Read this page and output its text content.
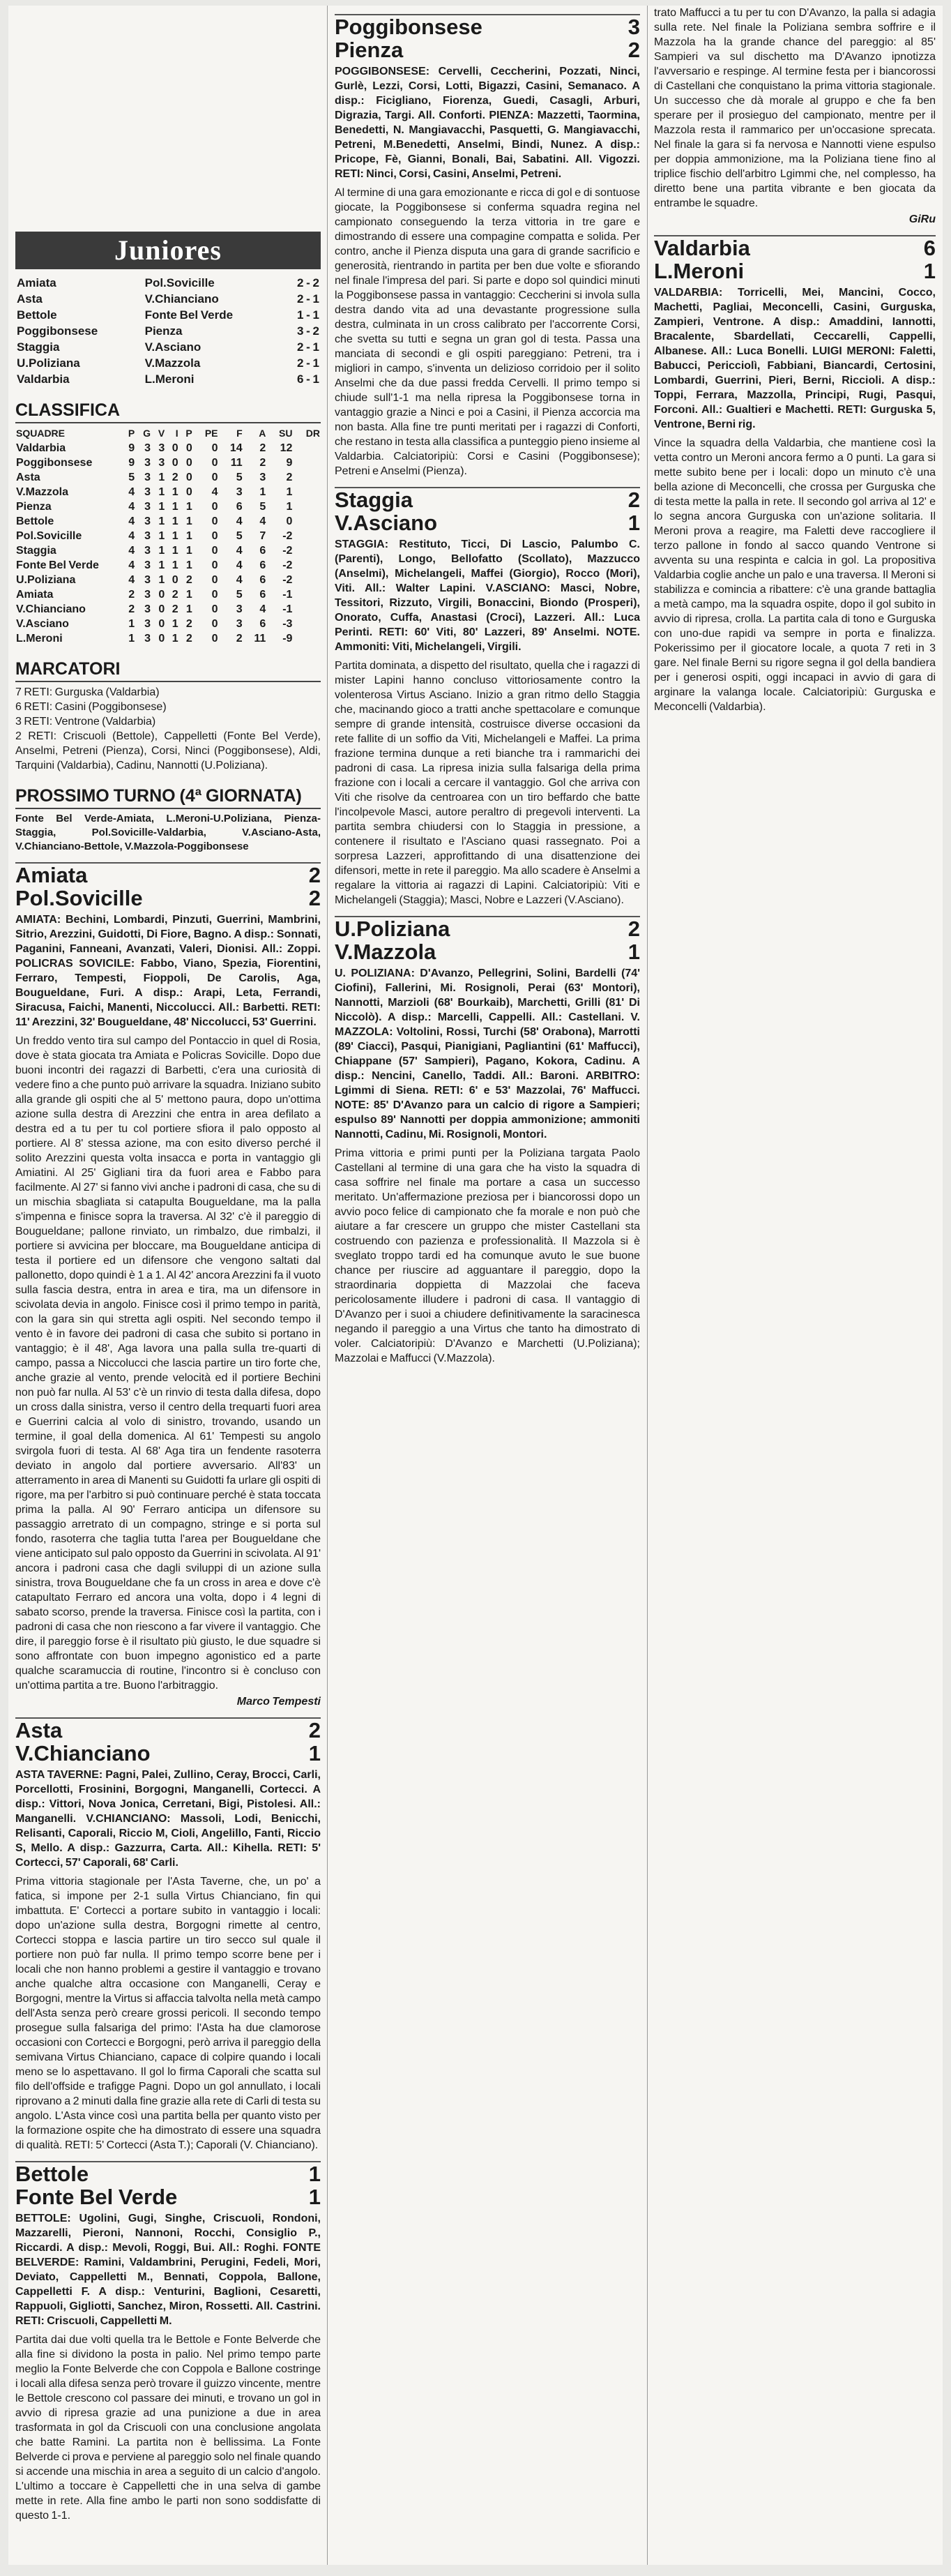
Juniores
Amiata	Pol.Sovicille	2 - 2
Asta	V.Chianciano	2 - 1
Bettole	Fonte Bel Verde	1 - 1
Poggibonsese	Pienza	3 - 2
Staggia	V.Asciano	2 - 1
U.Poliziana	V.Mazzola	2 - 1
Valdarbia	L.Meroni	6 - 1
CLASSIFICA
SQUADRE	P	G	V	I	P	PE	F	A	SU	DR
Valdarbia	9	3	3	0	0	0	14	2	12	
Poggibonsese	9	3	3	0	0	0	11	2	9	
Asta	5	3	1	2	0	0	5	3	2	
V.Mazzola	4	3	1	1	0	4	3	1	1	
Pienza	4	3	1	1	1	0	6	5	1	
Bettole	4	3	1	1	1	0	4	4	0	
Pol.Sovicille	4	3	1	1	1	0	5	7	-2	
Staggia	4	3	1	1	1	0	4	6	-2	
Fonte Bel Verde	4	3	1	1	1	0	4	6	-2	
U.Poliziana	4	3	1	0	2	0	4	6	-2	
Amiata	2	3	0	2	1	0	5	6	-1	
V.Chianciano	2	3	0	2	1	0	3	4	-1	
V.Asciano	1	3	0	1	2	0	3	6	-3	
L.Meroni	1	3	0	1	2	0	2	11	-9	
MARCATORI

7 RETI: Gurguska (Valdarbia)

6 RETI: Casini (Poggibonsese)

3 RETI: Ventrone (Valdarbia)

2 RETI: Criscuoli (Bettole), Cappelletti (Fonte Bel Verde), Anselmi, Petreni (Pienza), Corsi, Ninci (Poggibonsese), Aldi, Tarquini (Valdarbia), Cadinu, Nannotti (U.Poliziana).

PROSSIMO TURNO (4ª GIORNATA)
Fonte Bel Verde-Amiata, L.Meroni-U.Poliziana, Pienza-Staggia, Pol.Sovicille-Valdarbia, V.Asciano-Asta, V.Chianciano-Bettole, V.Mazzola-Poggibonsese
Amiata	2
Pol.Sovicille	2

AMIATA: Bechini, Lombardi, Pinzuti, Guerrini, Mambrini, Sitrio, Arezzini, Guidotti, Di Fiore, Bagno. A disp.: Sonnati, Paganini, Fanneani, Avanzati, Valeri, Dionisi. All.: Zoppi. POLICRAS SOVICILE: Fabbo, Viano, Spezia, Fiorentini, Ferraro, Tempesti, Fioppoli, De Carolis, Aga, Bougueldane, Furi. A disp.: Arapi, Leta, Ferrandi, Siracusa, Faichi, Manenti, Niccolucci. All.: Barbetti. RETI: 11' Arezzini, 32' Bougueldane, 48' Niccolucci, 53' Guerrini.

Un freddo vento tira sul campo del Pontaccio in quel di Rosia, dove è stata giocata tra Amiata e Policras Sovicille. Dopo due buoni incontri dei ragazzi di Barbetti, c'era una curiosità di vedere fino a che punto può arrivare la squadra. Iniziano subito alla grande gli ospiti che al 5' mettono paura, dopo un'ottima azione sulla destra di Arezzini che entra in area defilato a destra ed a tu per tu col portiere sfiora il palo opposto al portiere. Al 8' stessa azione, ma con esito diverso perché il solito Arezzini questa volta insacca e porta in vantaggio gli Amiatini. Al 25' Gigliani tira da fuori area e Fabbo para facilmente. Al 27' si fanno vivi anche i padroni di casa, che su di un mischia sbagliata si catapulta Bougueldane, ma la palla s'impenna e finisce sopra la traversa. Al 32' c'è il pareggio di Bougueldane; pallone rinviato, un rimbalzo, due rimbalzi, il portiere si avvicina per bloccare, ma Bougueldane anticipa di testa il portiere ed un difensore che vengono saltati dal pallonetto, dopo quindi è 1 a 1. Al 42' ancora Arezzini fa il vuoto sulla fascia destra, entra in area e tira, ma un difensore in scivolata devia in angolo. Finisce così il primo tempo in parità, con la gara sin qui stretta agli ospiti. Nel secondo tempo il vento è in favore dei padroni di casa che subito si portano in vantaggio; è il 48', Aga lavora una palla sulla tre-quarti di campo, passa a Niccolucci che lascia partire un tiro forte che, anche grazie al vento, prende velocità ed il portiere Bechini non può far nulla. Al 53' c'è un rinvio di testa dalla difesa, dopo un cross dalla sinistra, verso il centro della trequarti fuori area e Guerrini calcia al volo di sinistro, trovando, usando un termine, il goal della domenica. Al 61' Tempesti su angolo svirgola fuori di testa. Al 68' Aga tira un fendente rasoterra deviato in angolo dal portiere avversario. All'83' un atterramento in area di Manenti su Guidotti fa urlare gli ospiti di rigore, ma per l'arbitro si può continuare perché è stata toccata prima la palla. Al 90' Ferraro anticipa un difensore su passaggio arretrato di un compagno, stringe e si porta sul fondo, rasoterra che taglia tutta l'area per Bougueldane che viene anticipato sul palo opposto da Guerrini in scivolata. Al 91' ancora i padroni casa che dagli sviluppi di un azione sulla sinistra, trova Bougueldane che fa un cross in area e dove c'è catapultato Ferraro ed ancora una volta, dopo i 4 legni di sabato scorso, prende la traversa. Finisce così la partita, con i padroni di casa che non riescono a far vivere il vantaggio. Che dire, il pareggio forse è il risultato più giusto, le due squadre si sono affrontate con buon impegno agonistico ed a parte qualche scaramuccia di routine, l'incontro si è concluso con un'ottima partita a tre. Buono l'arbitraggio.

Marco Tempesti
Asta	2
V.Chianciano	1

ASTA TAVERNE: Pagni, Palei, Zullino, Ceray, Brocci, Carli, Porcellotti, Frosinini, Borgogni, Manganelli, Cortecci. A disp.: Vittori, Nova Jonica, Cerretani, Bigi, Pistolesi. All.: Manganelli. V.CHIANCIANO: Massoli, Lodi, Benicchi, Relisanti, Caporali, Riccio M, Cioli, Angelillo, Fanti, Riccio S, Mello. A disp.: Gazzurra, Carta. All.: Kihella. RETI: 5' Cortecci, 57' Caporali, 68' Carli.

Prima vittoria stagionale per l'Asta Taverne, che, un po' a fatica, si impone per 2-1 sulla Virtus Chianciano, fin qui imbattuta. E' Cortecci a portare subito in vantaggio i locali: dopo un'azione sulla destra, Borgogni rimette al centro, Cortecci stoppa e lascia partire un tiro secco sul quale il portiere non può far nulla. Il primo tempo scorre bene per i locali che non hanno problemi a gestire il vantaggio e trovano anche qualche altra occasione con Manganelli, Ceray e Borgogni, mentre la Virtus si affaccia talvolta nella metà campo dell'Asta senza però creare grossi pericoli. Il secondo tempo prosegue sulla falsariga del primo: l'Asta ha due clamorose occasioni con Cortecci e Borgogni, però arriva il pareggio della semivana Virtus Chianciano, capace di colpire quando i locali meno se lo aspettavano. Il gol lo firma Caporali che scatta sul filo dell'offside e trafigge Pagni. Dopo un gol annullato, i locali riprovano a 2 minuti dalla fine grazie alla rete di Carli di testa su angolo. L'Asta vince così una partita bella per quanto visto per la formazione ospite che ha dimostrato di essere una squadra di qualità. RETI: 5' Cortecci (Asta T.); Caporali (V. Chianciano).

Bettole	1
Fonte Bel Verde	1

BETTOLE: Ugolini, Gugi, Singhe, Criscuoli, Rondoni, Mazzarelli, Pieroni, Nannoni, Rocchi, Consiglio P., Riccardi. A disp.: Mevoli, Roggi, Bui. All.: Roghi. FONTE BELVERDE: Ramini, Valdambrini, Perugini, Fedeli, Mori, Deviato, Cappelletti M., Bennati, Coppola, Ballone, Cappelletti F. A disp.: Venturini, Baglioni, Cesaretti, Rappuoli, Gigliotti, Sanchez, Miron, Rossetti. All. Castrini. RETI: Criscuoli, Cappelletti M.

Partita dai due volti quella tra le Bettole e Fonte Belverde che alla fine si dividono la posta in palio. Nel primo tempo parte meglio la Fonte Belverde che con Coppola e Ballone costringe i locali alla difesa senza però trovare il guizzo vincente, mentre le Bettole crescono col passare dei minuti, e trovano un gol in avvio di ripresa grazie ad una punizione a due in area trasformata in gol da Criscuoli con una conclusione angolata che batte Ramini. La partita non è bellissima. La Fonte Belverde ci prova e perviene al pareggio solo nel finale quando si accende una mischia in area a seguito di un calcio d'angolo. L'ultimo a toccare è Cappelletti che in una selva di gambe mette in rete. Alla fine ambo le parti non sono soddisfatte di questo 1-1.

Poggibonsese	3
Pienza	2

POGGIBONSESE: Cervelli, Ceccherini, Pozzati, Ninci, Gurlè, Lezzi, Corsi, Lotti, Bigazzi, Casini, Semanaco. A disp.: Ficigliano, Fiorenza, Guedi, Casagli, Arburi, Digrazia, Targi. All. Conforti. PIENZA: Mazzetti, Taormina, Benedetti, N. Mangiavacchi, Pasquetti, G. Mangiavacchi, Petreni, M.Benedetti, Anselmi, Bindi, Nunez. A disp.: Pricope, Fè, Gianni, Bonali, Bai, Sabatini. All. Vigozzi. RETI: Ninci, Corsi, Casini, Anselmi, Petreni.

Al termine di una gara emozionante e ricca di gol e di sontuose giocate, la Poggibonsese si conferma squadra regina nel campionato conseguendo la terza vittoria in tre gare e dimostrando di essere una compagine compatta e solida. Per contro, anche il Pienza disputa una gara di grande sacrificio e generosità, rientrando in partita per ben due volte e sfiorando nel finale l'impresa del pari. Si parte e dopo sol quindici minuti la Poggibonsese passa in vantaggio: Ceccherini si invola sulla destra dando vita ad una devastante progressione sulla destra, culminata in un cross calibrato per l'accorrente Corsi, che svetta su tutti e segna un gran gol di testa. Passa una manciata di secondi e gli ospiti pareggiano: Petreni, tra i migliori in campo, s'inventa un delizioso corridoio per il solito Anselmi che da due passi fredda Cervelli. Il primo tempo si chiude sull'1-1 ma nella ripresa la Poggibonsese torna in vantaggio grazie a Ninci e poi a Casini, il Pienza accorcia ma non basta. Alla fine tre punti meritati per i ragazzi di Conforti, che restano in testa alla classifica a punteggio pieno insieme al Valdarbia. Calciatoripiù: Corsi e Casini (Poggibonsese); Petreni e Anselmi (Pienza).

Staggia	2
V.Asciano	1

STAGGIA: Restituto, Ticci, Di Lascio, Palumbo C. (Parenti), Longo, Bellofatto (Scollato), Mazzucco (Anselmi), Michelangeli, Maffei (Giorgio), Rocco (Mori), Viti. All.: Walter Lapini. V.ASCIANO: Masci, Nobre, Tessitori, Rizzuto, Virgili, Bonaccini, Biondo (Prosperi), Onorato, Cuffa, Anastasi (Croci), Lazzeri. All.: Luca Perinti. RETI: 60' Viti, 80' Lazzeri, 89' Anselmi. NOTE. Ammoniti: Viti, Michelangeli, Virgili.

Partita dominata, a dispetto del risultato, quella che i ragazzi di mister Lapini hanno concluso vittoriosamente contro la volenterosa Virtus Asciano. Inizio a gran ritmo dello Staggia che, macinando gioco a tratti anche spettacolare e comunque sempre di grande intensità, costruisce diverse occasioni da rete fallite di un soffio da Viti, Michelangeli e Maffei. La prima frazione termina dunque a reti bianche tra i rammarichi dei padroni di casa. La ripresa inizia sulla falsariga della prima frazione con i locali a cercare il vantaggio. Gol che arriva con Viti che risolve da centroarea con un tiro beffardo che batte l'incolpevole Masci, autore peraltro di pregevoli interventi. La partita sembra chiudersi con lo Staggia in pressione, a contenere il risultato e l'Asciano quasi rassegnato. Poi a sorpresa Lazzeri, approfittando di una disattenzione dei difensori, mette in rete il pareggio. Ma allo scadere è Anselmi a regalare la vittoria ai ragazzi di Lapini. Calciatoripiù: Viti e Michelangeli (Staggia); Masci, Nobre e Lazzeri (V.Asciano).

U.Poliziana	2
V.Mazzola	1

U. POLIZIANA: D'Avanzo, Pellegrini, Solini, Bardelli (74' Ciofini), Fallerini, Mi. Rosignoli, Perai (63' Montori), Nannotti, Marzioli (68' Bourkaib), Marchetti, Grilli (81' Di Niccolò). A disp.: Marcelli, Cappelli. All.: Castellani. V. MAZZOLA: Voltolini, Rossi, Turchi (58' Orabona), Marrotti (89' Ciacci), Pasqui, Pianigiani, Pagliantini (61' Maffucci), Chiappane (57' Sampieri), Pagano, Kokora, Cadinu. A disp.: Nencini, Canello, Taddi. All.: Baroni. ARBITRO: Lgimmi di Siena. RETI: 6' e 53' Mazzolai, 76' Maffucci. NOTE: 85' D'Avanzo para un calcio di rigore a Sampieri; espulso 89' Nannotti per doppia ammonizione; ammoniti Nannotti, Cadinu, Mi. Rosignoli, Montori.

Prima vittoria e primi punti per la Poliziana targata Paolo Castellani al termine di una gara che ha visto la squadra di casa soffrire nel finale ma portare a casa un successo meritato. Un'affermazione preziosa per i biancorossi dopo un avvio poco felice di campionato che fa morale e non può che aiutare a far crescere un gruppo che mister Castellani sta costruendo con pazienza e professionalità. Il Mazzola si è sveglato troppo tardi ed ha comunque avuto le sue buone chance per riuscire ad agguantare il pareggio, dopo la straordinaria doppietta di Mazzolai che faceva pericolosamente illudere i padroni di casa. Il vantaggio di D'Avanzo per i suoi a chiudere definitivamente la saracinesca negando il pareggio a una Virtus che tanto ha dimostrato di voler. Calciatoripiù: D'Avanzo e Marchetti (U.Poliziana); Mazzolai e Maffucci (V.Mazzola).

trato Maffucci a tu per tu con D'Avanzo, la palla si adagia sulla rete. Nel finale la Poliziana sembra soffrire e il Mazzola ha la grande chance del pareggio: al 85' Sampieri va sul dischetto ma D'Avanzo ipnotizza l'avversario e respinge. Al termine festa per i biancorossi di Castellani che conquistano la prima vittoria stagionale. Un successo che dà morale al gruppo e che fa ben sperare per il prosieguo del campionato, mentre per il Mazzola resta il rammarico per un'occasione sprecata. Nel finale la gara si fa nervosa e Nannotti viene espulso per doppia ammonizione, ma la Poliziana tiene fino al triplice fischio dell'arbitro Lgimmi che, nel complesso, ha diretto bene una partita vibrante e ben giocata da entrambe le squadre.

GiRu
Valdarbia	6
L.Meroni	1

VALDARBIA: Torricelli, Mei, Mancini, Cocco, Machetti, Pagliai, Meconcelli, Casini, Gurguska, Zampieri, Ventrone. A disp.: Amaddini, Iannotti, Bracalente, Sbardellati, Ceccarelli, Cappelli, Albanese. All.: Luca Bonelli. LUIGI MERONI: Faletti, Babucci, Pericciolì, Fabbiani, Biancardi, Certosini, Lombardi, Guerrini, Pieri, Berni, Riccioli. A disp.: Toppi, Ferrara, Mazzolla, Principi, Rugi, Pasqui, Forconi. All.: Gualtieri e Machetti. RETI: Gurguska 5, Ventrone, Berni rig.

Vince la squadra della Valdarbia, che mantiene così la vetta contro un Meroni ancora fermo a 0 punti. La gara si mette subito bene per i locali: dopo un minuto c'è una bella azione di Meconcelli, che crossa per Gurguska che di testa mette la palla in rete. Il secondo gol arriva al 12' e lo segna ancora Gurguska con un'azione solitaria. Il Meroni prova a reagire, ma Faletti deve raccogliere il terzo pallone in fondo al sacco quando Ventrone si avventa su una respinta e calcia in gol. La propositiva Valdarbia coglie anche un palo e una traversa. Il Meroni si stabilizza e comincia a ribattere: c'è una grande battaglia a metà campo, ma la squadra ospite, dopo il gol subito in avvio di ripresa, crolla. La partita cala di tono e Gurguska con uno-due rapidi va sempre in porta e finalizza. Pokerissimo per il giocatore locale, a quota 7 reti in 3 gare. Nel finale Berni su rigore segna il gol della bandiera per i generosi ospiti, oggi incapaci in avvio di gara di arginare la valanga locale. Calciatoripiù: Gurguska e Meconcelli (Valdarbia).
